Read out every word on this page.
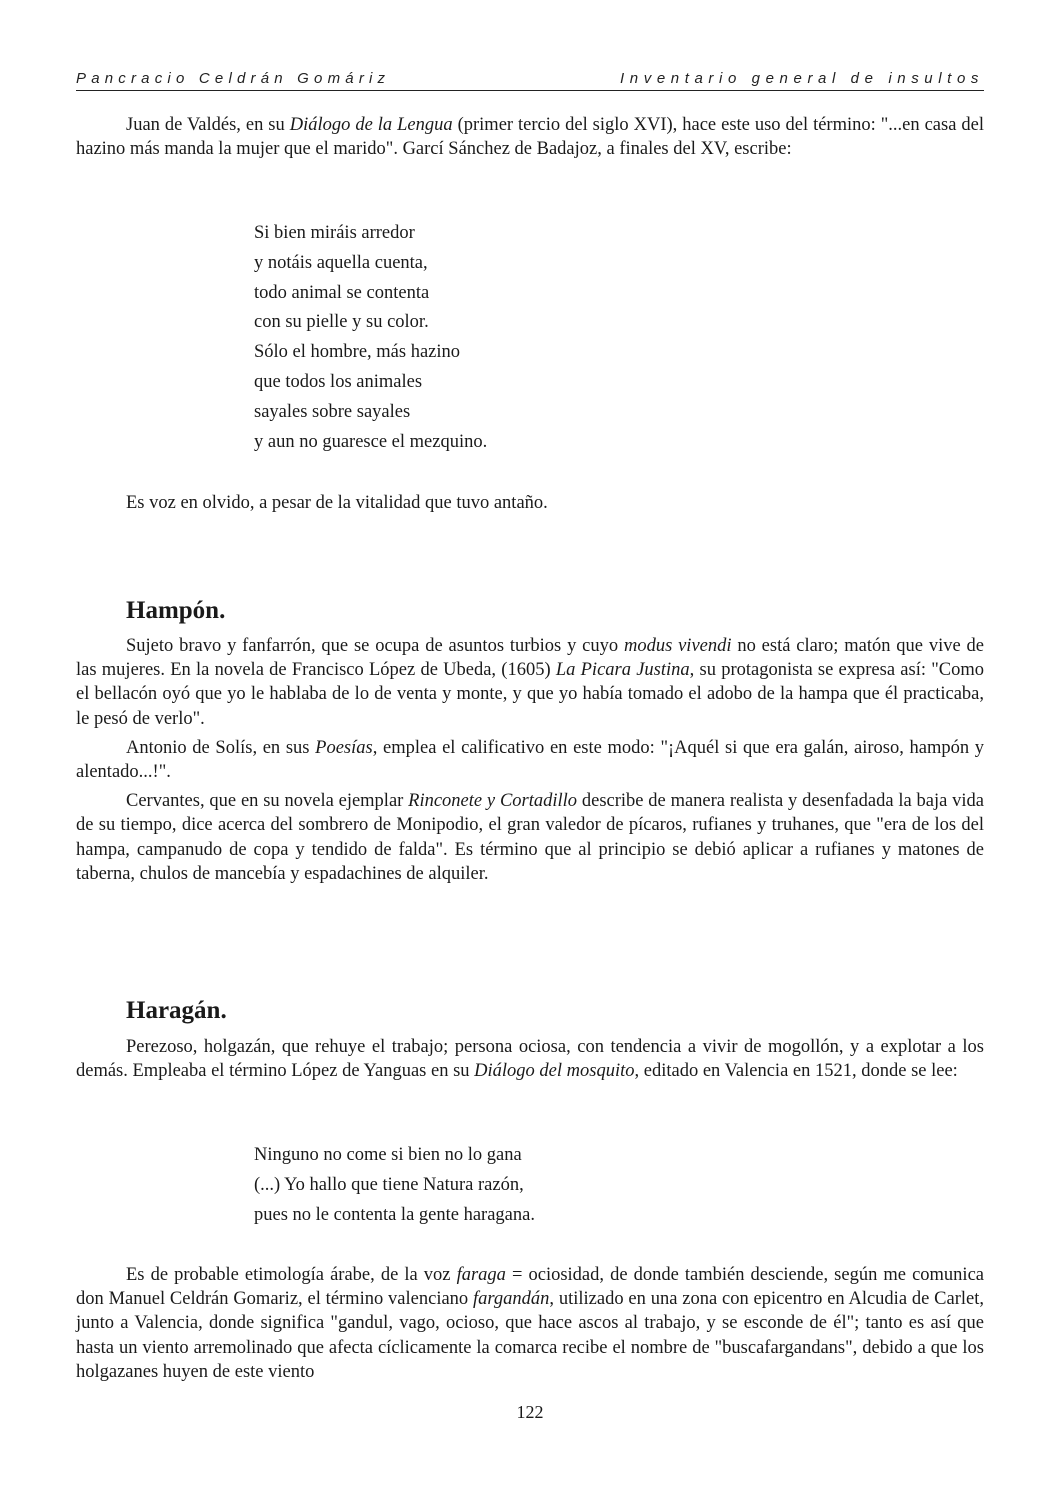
Pancracio Celdrán Gomáriz	Inventario general de insultos

Juan de Valdés, en su Diálogo de la Lengua (primer tercio del siglo XVI), hace este uso del término: "...en casa del hazino más manda la mujer que el marido". Garcí Sánchez de Badajoz, a finales del XV, escribe:

Si bien miráis arredor
y notáis aquella cuenta,
todo animal se contenta
con su pielle y su color.
Sólo el hombre, más hazino
que todos los animales
sayales sobre sayales
y aun no guaresce el mezquino.

Es voz en olvido, a pesar de la vitalidad que tuvo antaño.

Hampón.

Sujeto bravo y fanfarrón, que se ocupa de asuntos turbios y cuyo modus vivendi no está claro; matón que vive de las mujeres. En la novela de Francisco López de Ubeda, (1605) La Picara Justina, su protagonista se expresa así: "Como el bellacón oyó que yo le hablaba de lo de venta y monte, y que yo había tomado el adobo de la hampa que él practicaba, le pesó de verlo".

Antonio de Solís, en sus Poesías, emplea el calificativo en este modo: "¡Aquél si que era galán, airoso, hampón y alentado...!".

Cervantes, que en su novela ejemplar Rinconete y Cortadillo describe de manera realista y desenfadada la baja vida de su tiempo, dice acerca del sombrero de Monipodio, el gran valedor de pícaros, rufianes y truhanes, que "era de los del hampa, campanudo de copa y tendido de falda". Es término que al principio se debió aplicar a rufianes y matones de taberna, chulos de mancebía y espadachines de alquiler.

Haragán.

Perezoso, holgazán, que rehuye el trabajo; persona ociosa, con tendencia a vivir de mogollón, y a explotar a los demás. Empleaba el término López de Yanguas en su Diálogo del mosquito, editado en Valencia en 1521, donde se lee:

Ninguno no come si bien no lo gana
(...) Yo hallo que tiene Natura razón,
pues no le contenta la gente haragana.

Es de probable etimología árabe, de la voz faraga = ociosidad, de donde también desciende, según me comunica don Manuel Celdrán Gomariz, el término valenciano fargandán, utilizado en una zona con epicentro en Alcudia de Carlet, junto a Valencia, donde significa "gandul, vago, ocioso, que hace ascos al trabajo, y se esconde de él"; tanto es así que hasta un viento arremolinado que afecta cíclicamente la comarca recibe el nombre de "buscafargandans", debido a que los holgazanes huyen de este viento

122
